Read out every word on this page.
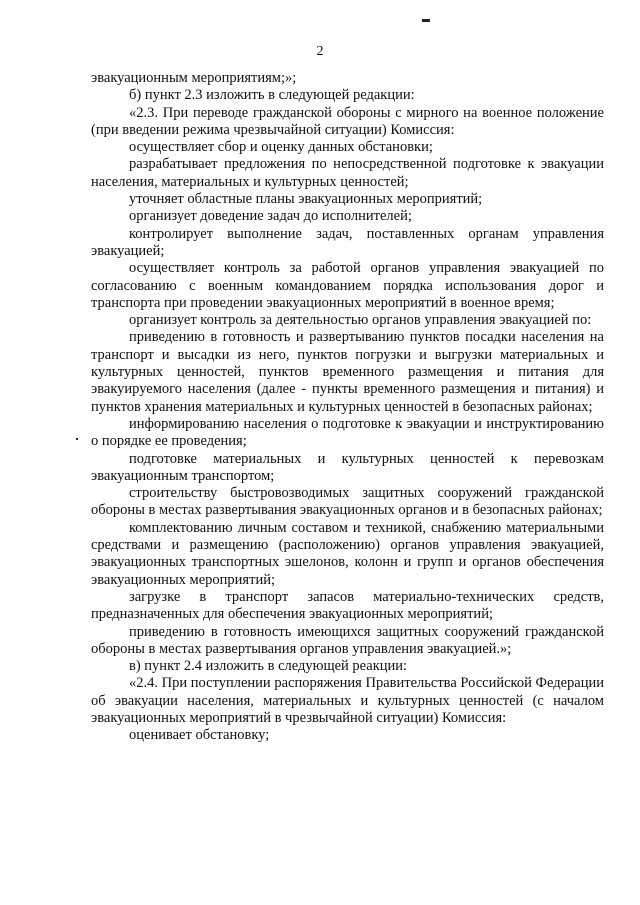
2

эвакуационным мероприятиям;»;

б) пункт 2.3 изложить в следующей редакции:

«2.3. При переводе гражданской обороны с мирного на военное положение (при введении режима чрезвычайной ситуации) Комиссия:

осуществляет сбор и оценку данных обстановки;

разрабатывает предложения по непосредственной подготовке к эвакуации населения, материальных и культурных ценностей;

уточняет областные планы эвакуационных мероприятий;

организует доведение задач до исполнителей;

контролирует выполнение задач, поставленных органам управления эвакуацией;

осуществляет контроль за работой органов управления эвакуацией по согласованию с военным командованием порядка использования дорог и транспорта при проведении эвакуационных мероприятий в военное время;

организует контроль за деятельностью органов управления эвакуацией по:

приведению в готовность и развертыванию пунктов посадки населения на транспорт и высадки из него, пунктов погрузки и выгрузки материальных и культурных ценностей, пунктов временного размещения и питания для эвакуируемого населения (далее - пункты временного размещения и питания) и пунктов хранения материальных и культурных ценностей в безопасных районах;

информированию населения о подготовке к эвакуации и инструктированию о порядке ее проведения;

подготовке материальных и культурных ценностей к перевозкам эвакуационным транспортом;

строительству быстровозводимых защитных сооружений гражданской обороны в местах развертывания эвакуационных органов и в безопасных районах;

комплектованию личным составом и техникой, снабжению материальными средствами и размещению (расположению) органов управления эвакуацией, эвакуационных транспортных эшелонов, колонн и групп и органов обеспечения эвакуационных мероприятий;

загрузке в транспорт запасов материально-технических средств, предназначенных для обеспечения эвакуационных мероприятий;

приведению в готовность имеющихся защитных сооружений гражданской обороны в местах развертывания органов управления эвакуацией.»;

в) пункт 2.4 изложить в следующей реакции:

«2.4. При поступлении распоряжения Правительства Российской Федерации об эвакуации населения, материальных и культурных ценностей (с началом эвакуационных мероприятий в чрезвычайной ситуации) Комиссия:

оценивает обстановку;
